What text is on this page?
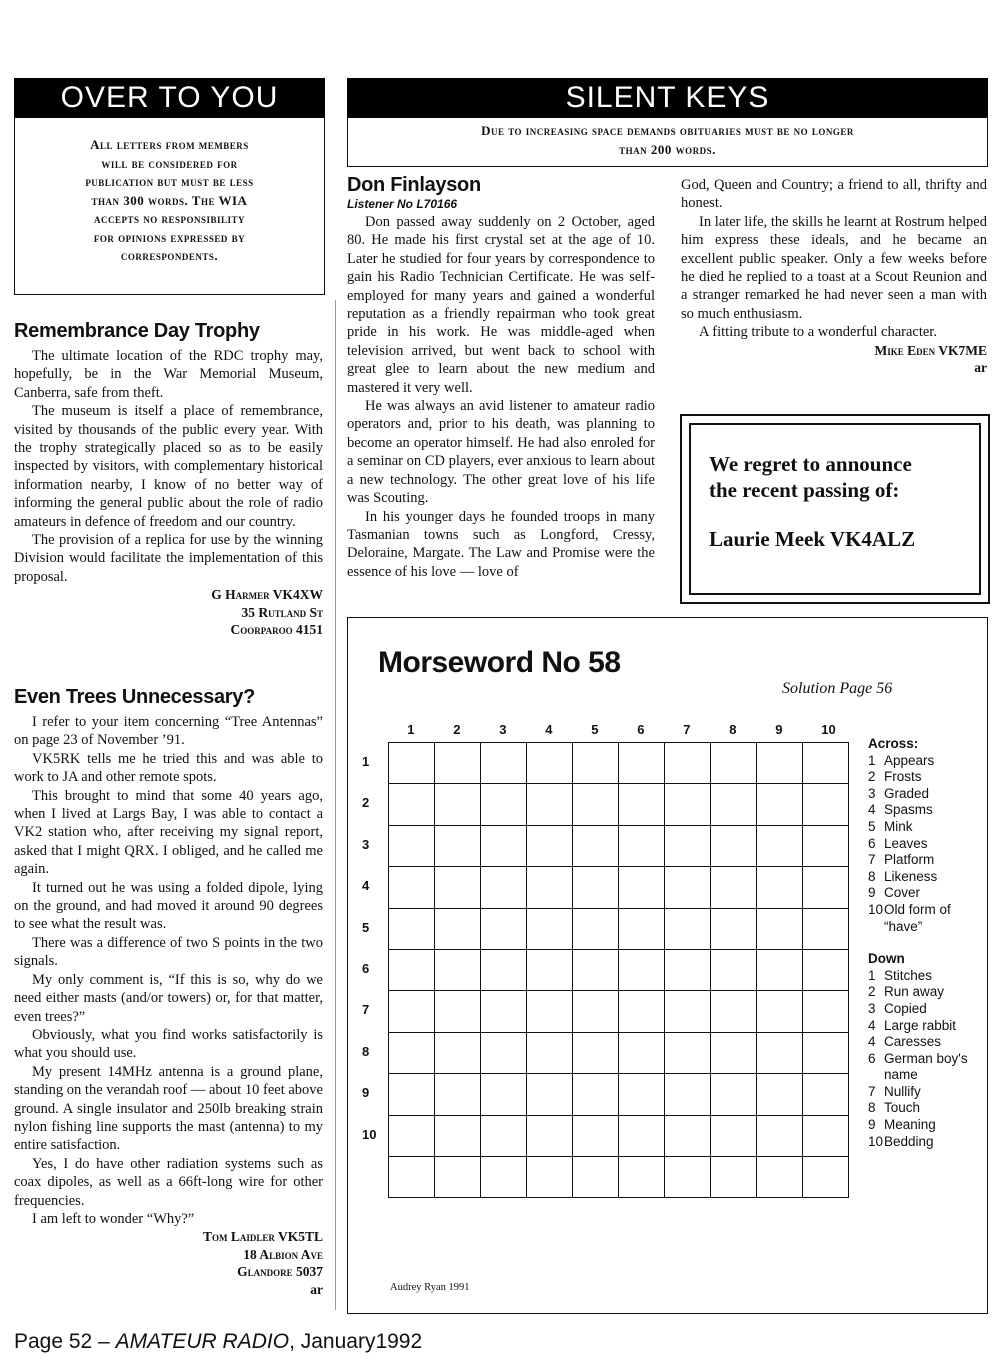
OVER TO YOU
All letters from members
will be considered for
publication but must be less
than 300 words. The WIA
accepts no responsibility
for opinions expressed by
correspondents.
SILENT KEYS
Due to increasing space demands obituaries must be no longer
than 200 words.
Remembrance Day Trophy

The ultimate location of the RDC trophy may, hopefully, be in the War Memorial Museum, Canberra, safe from theft.

The museum is itself a place of remembrance, visited by thousands of the public every year. With the trophy strategically placed so as to be easily inspected by visitors, with complementary historical information nearby, I know of no better way of informing the general public about the role of radio amateurs in defence of freedom and our country.

The provision of a replica for use by the winning Division would facilitate the implementation of this proposal.

G Harmer VK4XW
35 Rutland St
Coorparoo 4151
Even Trees Unnecessary?

I refer to your item concerning “Tree Antennas” on page 23 of November ’91.

VK5RK tells me he tried this and was able to work to JA and other remote spots.

This brought to mind that some 40 years ago, when I lived at Largs Bay, I was able to contact a VK2 station who, after receiving my signal report, asked that I might QRX. I obliged, and he called me again.

It turned out he was using a folded dipole, lying on the ground, and had moved it around 90 degrees to see what the result was.

There was a difference of two S points in the two signals.

My only comment is, “If this is so, why do we need either masts (and/or towers) or, for that matter, even trees?”

Obviously, what you find works satisfactorily is what you should use.

My present 14MHz antenna is a ground plane, standing on the verandah roof — about 10 feet above ground. A single insulator and 250lb breaking strain nylon fishing line supports the mast (antenna) to my entire satisfaction.

Yes, I do have other radiation systems such as coax dipoles, as well as a 66ft-long wire for other frequencies.

I am left to wonder “Why?”

Tom Laidler VK5TL
18 Albion Ave
Glandore 5037
ar
Don Finlayson
Listener No L70166

Don passed away suddenly on 2 October, aged 80. He made his first crystal set at the age of 10. Later he studied for four years by correspondence to gain his Radio Technician Certificate. He was self-employed for many years and gained a wonderful reputation as a friendly repairman who took great pride in his work. He was middle-aged when television arrived, but went back to school with great glee to learn about the new medium and mastered it very well.

He was always an avid listener to amateur radio operators and, prior to his death, was planning to become an operator himself. He had also enroled for a seminar on CD players, ever anxious to learn about a new technology. The other great love of his life was Scouting.

In his younger days he founded troops in many Tasmanian towns such as Longford, Cressy, Deloraine, Margate. The Law and Promise were the essence of his love — love of

God, Queen and Country; a friend to all, thrifty and honest.

In later life, the skills he learnt at Rostrum helped him express these ideals, and he became an excellent public speaker. Only a few weeks before he died he replied to a toast at a Scout Reunion and a stranger remarked he had never seen a man with so much enthusiasm.

A fitting tribute to a wonderful character.

Mike Eden VK7ME
ar
We regret to announce
the recent passing of:
Laurie Meek VK4ALZ
Morseword No 58
Solution Page 56
1	2	3	4	5	6	7	8	9	10
1
2
3
4
5
6
7
8
9
10
Across:
1 Appears
2 Frosts
3 Graded
4 Spasms
5 Mink
6 Leaves
7 Platform
8 Likeness
9 Cover
10 Old form of “have”
Down
1 Stitches
2 Run away
3 Copied
4 Large rabbit
4 Caresses
6 German boy's name
7 Nullify
8 Touch
9 Meaning
10 Bedding
Audrey Ryan 1991
Page 52 – AMATEUR RADIO, January1992
